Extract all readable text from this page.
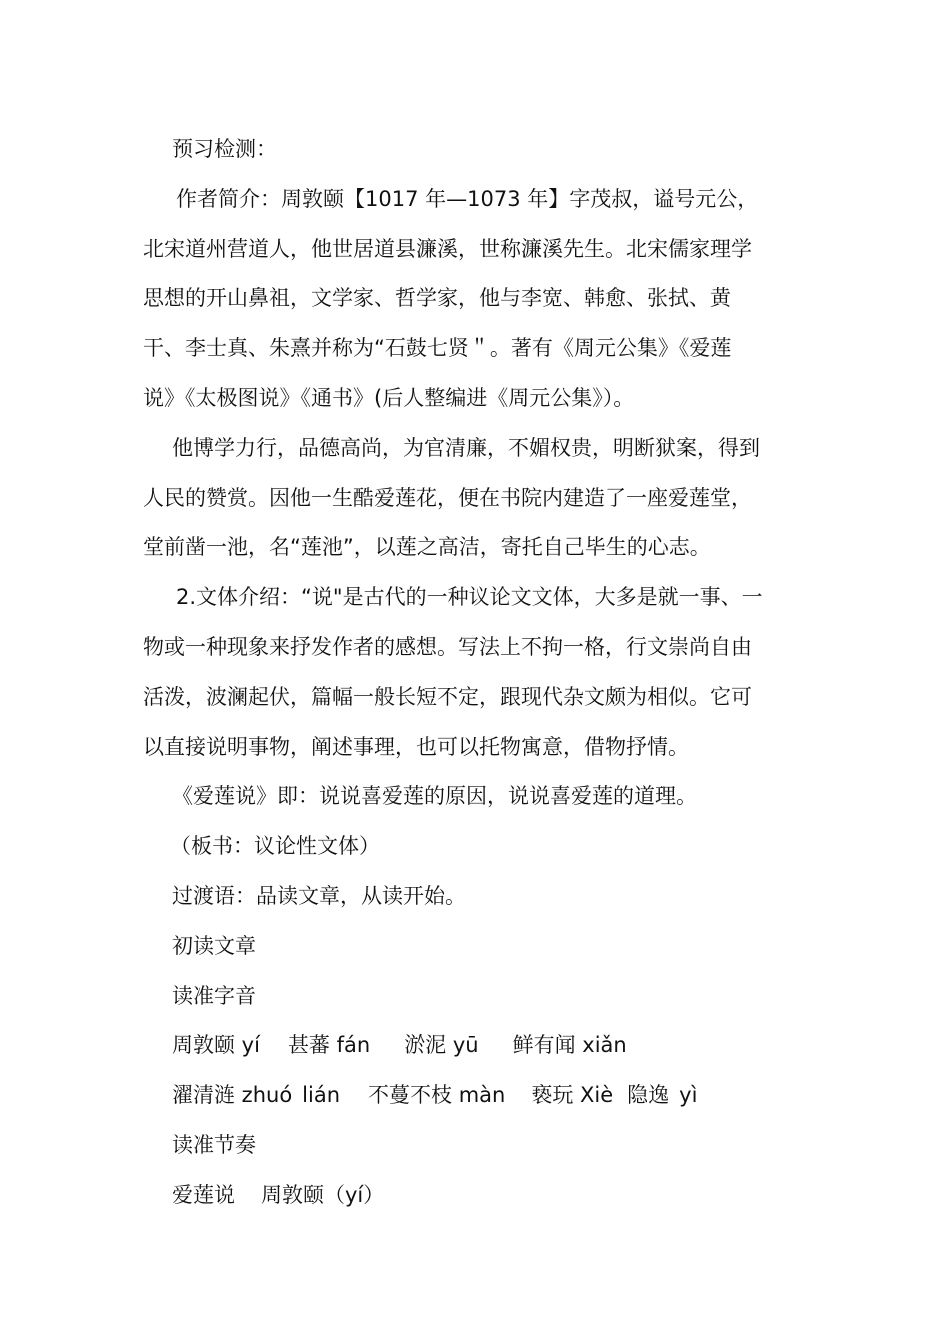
预习检测：

作者简介：周敦颐【1017 年—1073 年】字茂叔，谥号元公，

北宋道州营道人，他世居道县濂溪，世称濂溪先生。北宋儒家理学

思想的开山鼻祖，文学家、哲学家，他与李宽、韩愈、张拭、黄

干、李士真、朱熹并称为“石鼓七贤＂。著有《周元公集》《爱莲

说》《太极图说》《通书》(后人整编进《周元公集》）。

他博学力行，品德高尚，为官清廉，不媚权贵，明断狱案，得到

人民的赞赏。因他一生酷爱莲花，便在书院内建造了一座爱莲堂，

堂前凿一池，名“莲池”，以莲之高洁，寄托自己毕生的心志。

2.文体介绍：“说"是古代的一种议论文文体，大多是就一事、一

物或一种现象来抒发作者的感想。写法上不拘一格，行文崇尚自由

活泼，波澜起伏，篇幅一般长短不定，跟现代杂文颇为相似。它可

以直接说明事物，阐述事理，也可以托物寓意，借物抒情。

《爱莲说》即：说说喜爱莲的原因，说说喜爱莲的道理。

（板书：议论性文体）

过渡语：品读文章，从读开始。

初读文章

读准字音

周敦颐 yí 甚蕃 fán 淤泥 yū 鲜有闻 xiǎn

濯清涟 zhuó lián 不蔓不枝 màn 亵玩 Xiè 隐逸 yì

读准节奏

爱莲说 周敦颐（yí）
